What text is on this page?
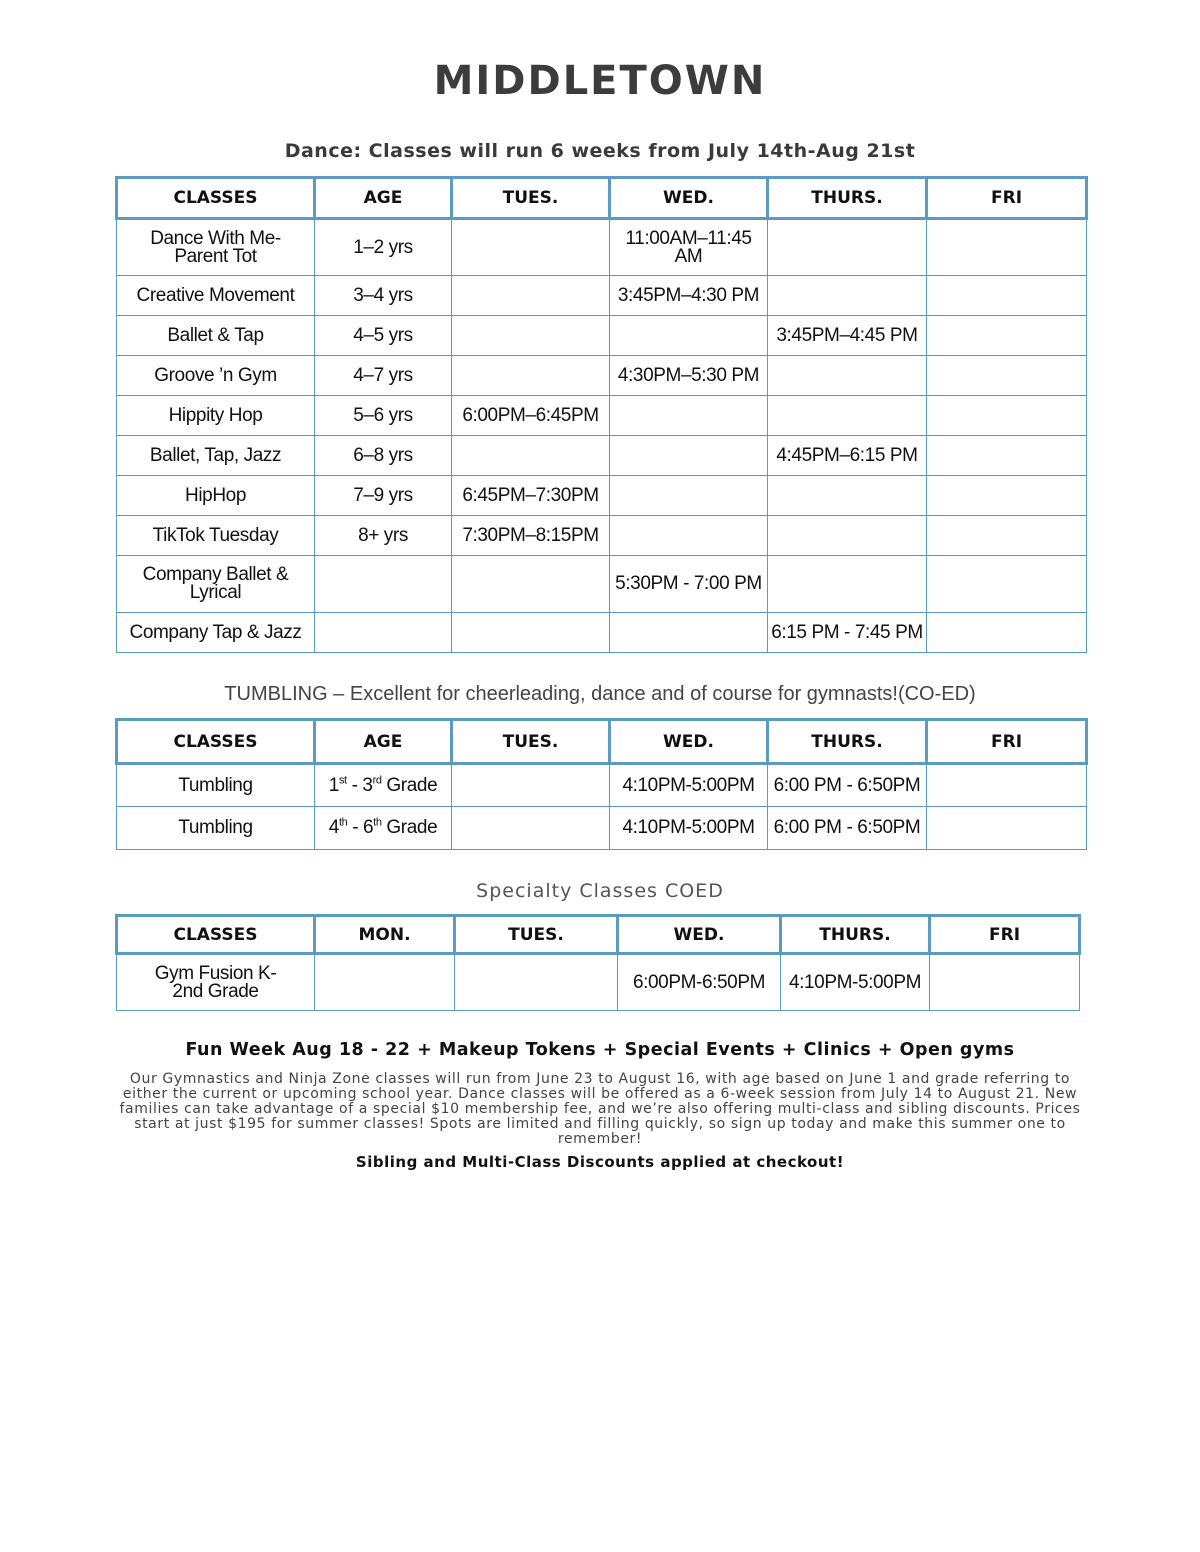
MIDDLETOWN
Dance: Classes will run 6 weeks from July 14th-Aug 21st
CLASSES	AGE	TUES.	WED.	THURS.	FRI
Dance With Me-Parent Tot	1–2 yrs		11:00AM–11:45 AM		
Creative Movement	3–4 yrs		3:45PM–4:30 PM		
Ballet & Tap	4–5 yrs			3:45PM–4:45 PM	
Groove ’n Gym	4–7 yrs		4:30PM–5:30 PM		
Hippity Hop	5–6 yrs	6:00PM–6:45PM			
Ballet, Tap, Jazz	6–8 yrs			4:45PM–6:15 PM	
HipHop	7–9 yrs	6:45PM–7:30PM			
TikTok Tuesday	8+ yrs	7:30PM–8:15PM			
Company Ballet & Lyrical			5:30PM - 7:00 PM		
Company Tap & Jazz				6:15 PM - 7:45 PM	
TUMBLING – Excellent for cheerleading, dance and of course for gymnasts!(CO-ED)
CLASSES	AGE	TUES.	WED.	THURS.	FRI
Tumbling	1st - 3rd Grade		4:10PM-5:00PM	6:00 PM - 6:50PM	
Tumbling	4th - 6th Grade		4:10PM-5:00PM	6:00 PM - 6:50PM	
Specialty Classes COED
CLASSES	MON.	TUES.	WED.	THURS.	FRI
Gym Fusion K- 2nd Grade			6:00PM-6:50PM	4:10PM-5:00PM	
Fun Week Aug 18 - 22 + Makeup Tokens + Special Events + Clinics + Open gyms
Our Gymnastics and Ninja Zone classes will run from June 23 to August 16, with age based on June 1 and grade referring to either the current or upcoming school year. Dance classes will be offered as a 6-week session from July 14 to August 21. New families can take advantage of a special $10 membership fee, and we’re also offering multi-class and sibling discounts. Prices start at just $195 for summer classes! Spots are limited and filling quickly, so sign up today and make this summer one to remember!
Sibling and Multi-Class Discounts applied at checkout!
